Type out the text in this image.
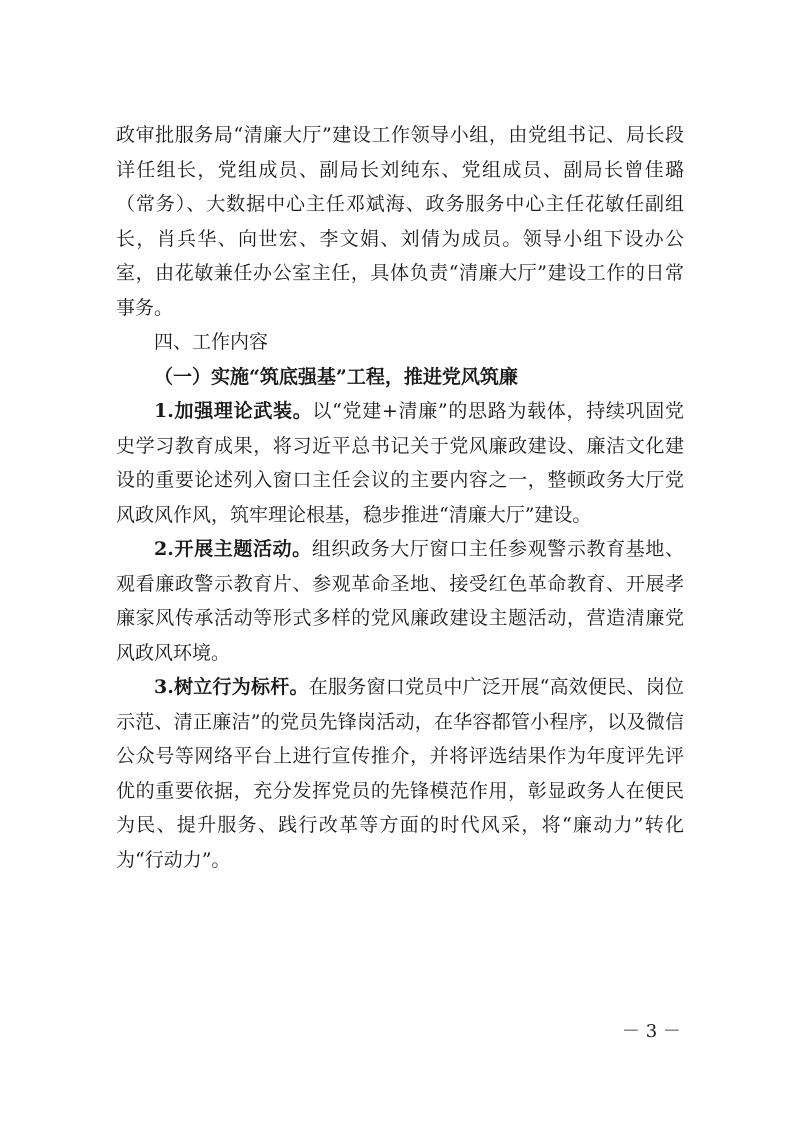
政审批服务局“清廉大厅”建设工作领导小组，由党组书记、局长段详任组长，党组成员、副局长刘纯东、党组成员、副局长曾佳璐（常务）、大数据中心主任邓斌海、政务服务中心主任花敏任副组长，肖兵华、向世宏、李文娟、刘倩为成员。领导小组下设办公室，由花敏兼任办公室主任，具体负责“清廉大厅”建设工作的日常事务。

四、工作内容

（一）实施“筑底强基”工程，推进党风筑廉

1.加强理论武装。以“党建+清廉”的思路为载体，持续巩固党史学习教育成果，将习近平总书记关于党风廉政建设、廉洁文化建设的重要论述列入窗口主任会议的主要内容之一，整顿政务大厅党风政风作风，筑牢理论根基，稳步推进“清廉大厅”建设。

2.开展主题活动。组织政务大厅窗口主任参观警示教育基地、观看廉政警示教育片、参观革命圣地、接受红色革命教育、开展孝廉家风传承活动等形式多样的党风廉政建设主题活动，营造清廉党风政风环境。

3.树立行为标杆。在服务窗口党员中广泛开展“高效便民、岗位示范、清正廉洁”的党员先锋岗活动，在华容都管小程序，以及微信公众号等网络平台上进行宣传推介，并将评选结果作为年度评先评优的重要依据，充分发挥党员的先锋模范作用，彰显政务人在便民为民、提升服务、践行改革等方面的时代风采，将“廉动力”转化为“行动力”。

－ 3 －
